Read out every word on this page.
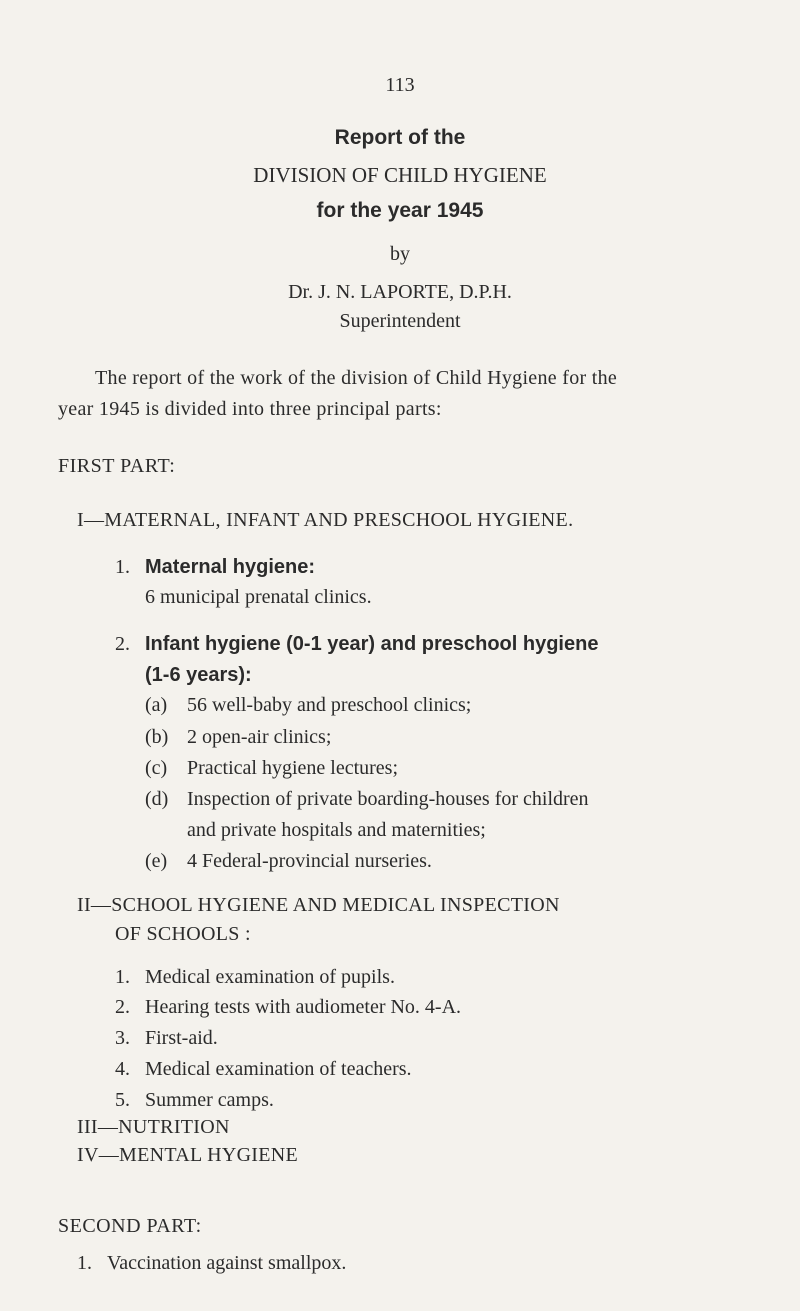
113
Report of the
DIVISION OF CHILD HYGIENE
for the year 1945
by
Dr. J. N. LAPORTE, D.P.H.
Superintendent
The report of the work of the division of Child Hygiene for the
year 1945 is divided into three principal parts:
FIRST PART:
I—MATERNAL, INFANT AND PRESCHOOL HYGIENE.
1. Maternal hygiene:
6 municipal prenatal clinics.
2. Infant hygiene (0-1 year) and preschool hygiene
(1-6 years):
(a) 56 well-baby and preschool clinics;
(b) 2 open-air clinics;
(c) Practical hygiene lectures;
(d) Inspection of private boarding-houses for children
and private hospitals and maternities;
(e) 4 Federal-provincial nurseries.
II—SCHOOL HYGIENE AND MEDICAL INSPECTION
OF SCHOOLS :
1. Medical examination of pupils.
2. Hearing tests with audiometer No. 4-A.
3. First-aid.
4. Medical examination of teachers.
5. Summer camps.
III—NUTRITION
IV—MENTAL HYGIENE
SECOND PART:
1. Vaccination against smallpox.
